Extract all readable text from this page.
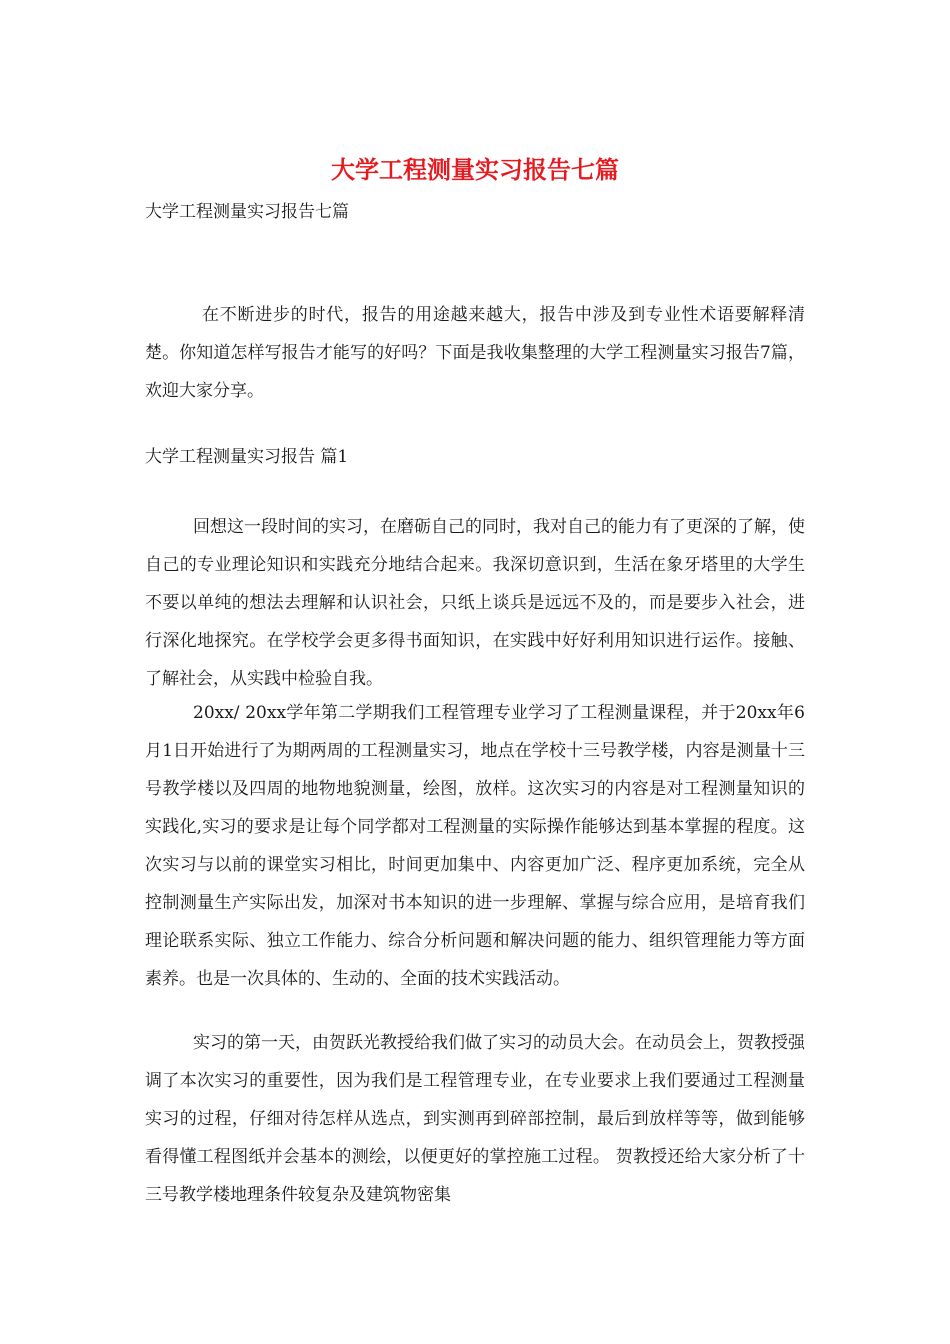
大学工程测量实习报告七篇
大学工程测量实习报告七篇

在不断进步的时代，报告的用途越来越大，报告中涉及到专业性术语要解释清楚。你知道怎样写报告才能写的好吗？下面是我收集整理的大学工程测量实习报告7篇，欢迎大家分享。

大学工程测量实习报告 篇1

回想这一段时间的实习，在磨砺自己的同时，我对自己的能力有了更深的了解，使自己的专业理论知识和实践充分地结合起来。我深切意识到，生活在象牙塔里的大学生不要以单纯的想法去理解和认识社会，只纸上谈兵是远远不及的，而是要步入社会，进行深化地探究。在学校学会更多得书面知识，在实践中好好利用知识进行运作。接触、了解社会，从实践中检验自我。

20xx/ 20xx学年第二学期我们工程管理专业学习了工程测量课程，并于20xx年6月1日开始进行了为期两周的工程测量实习，地点在学校十三号教学楼，内容是测量十三号教学楼以及四周的地物地貌测量，绘图，放样。这次实习的内容是对工程测量知识的实践化,实习的要求是让每个同学都对工程测量的实际操作能够达到基本掌握的程度。这次实习与以前的课堂实习相比，时间更加集中、内容更加广泛、程序更加系统，完全从控制测量生产实际出发，加深对书本知识的进一步理解、掌握与综合应用，是培育我们理论联系实际、独立工作能力、综合分析问题和解决问题的能力、组织管理能力等方面素养。也是一次具体的、生动的、全面的技术实践活动。

实习的第一天，由贺跃光教授给我们做了实习的动员大会。在动员会上，贺教授强调了本次实习的重要性，因为我们是工程管理专业，在专业要求上我们要通过工程测量实习的过程，仔细对待怎样从选点，到实测再到碎部控制，最后到放样等等，做到能够看得懂工程图纸并会基本的测绘，以便更好的掌控施工过程。 贺教授还给大家分析了十三号教学楼地理条件较复杂及建筑物密集
